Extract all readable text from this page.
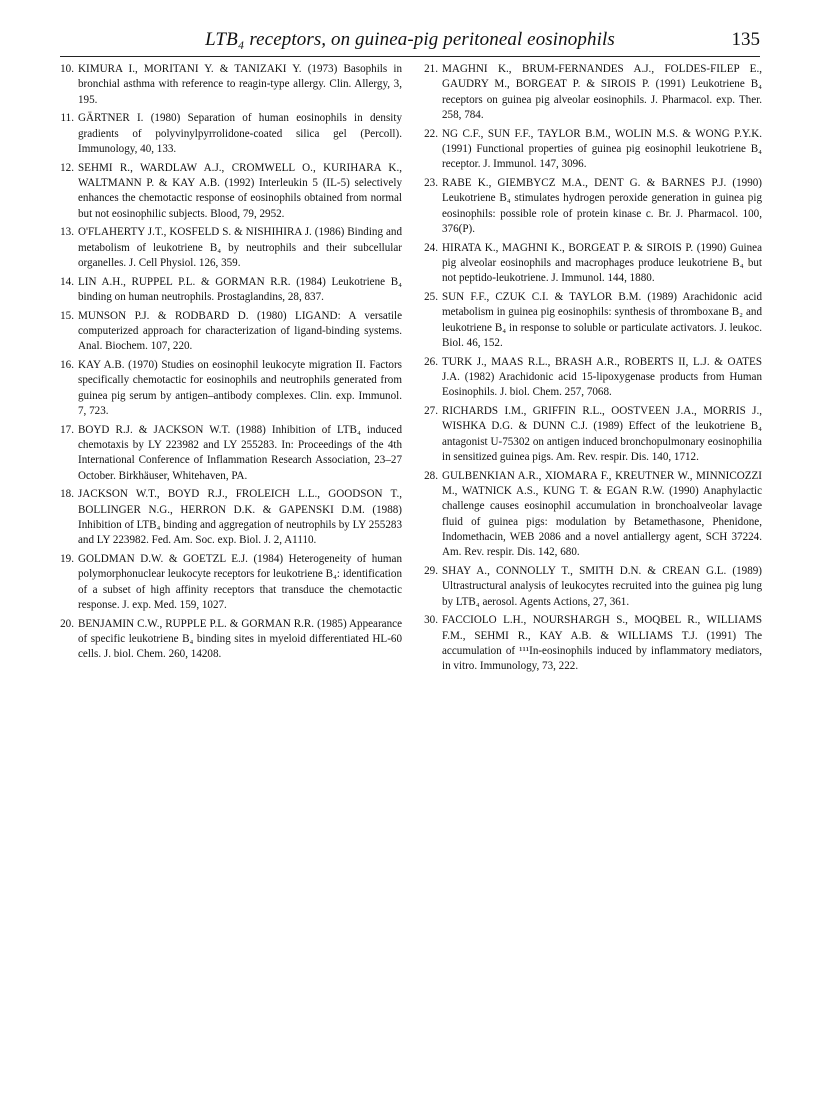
LTB₄ receptors, on guinea-pig peritoneal eosinophils	135
10. KIMURA I., MORITANI Y. & TANIZAKI Y. (1973) Basophils in bronchial asthma with reference to reagin-type allergy. Clin. Allergy, 3, 195.
11. GÄRTNER I. (1980) Separation of human eosinophils in density gradients of polyvinylpyrrolidone-coated silica gel (Percoll). Immunology, 40, 133.
12. SEHMI R., WARDLAW A.J., CROMWELL O., KURIHARA K., WALTMANN P. & KAY A.B. (1992) Interleukin 5 (IL-5) selectively enhances the chemotactic response of eosinophils obtained from normal but not eosinophilic subjects. Blood, 79, 2952.
13. O'FLAHERTY J.T., KOSFELD S. & NISHIHIRA J. (1986) Binding and metabolism of leukotriene B₄ by neutrophils and their subcellular organelles. J. Cell Physiol. 126, 359.
14. LIN A.H., RUPPEL P.L. & GORMAN R.R. (1984) Leukotriene B₄ binding on human neutrophils. Prostaglandins, 28, 837.
15. MUNSON P.J. & RODBARD D. (1980) LIGAND: A versatile computerized approach for characterization of ligand-binding systems. Anal. Biochem. 107, 220.
16. KAY A.B. (1970) Studies on eosinophil leukocyte migration II. Factors specifically chemotactic for eosinophils and neutrophils generated from guinea pig serum by antigen–antibody complexes. Clin. exp. Immunol. 7, 723.
17. BOYD R.J. & JACKSON W.T. (1988) Inhibition of LTB₄ induced chemotaxis by LY 223982 and LY 255283. In: Proceedings of the 4th International Conference of Inflammation Research Association, 23–27 October. Birkhäuser, Whitehaven, PA.
18. JACKSON W.T., BOYD R.J., FROLEICH L.L., GOODSON T., BOLLINGER N.G., HERRON D.K. & GAPENSKI D.M. (1988) Inhibition of LTB₄ binding and aggregation of neutrophils by LY 255283 and LY 223982. Fed. Am. Soc. exp. Biol. J. 2, A1110.
19. GOLDMAN D.W. & GOETZL E.J. (1984) Heterogeneity of human polymorphonuclear leukocyte receptors for leukotriene B₄: identification of a subset of high affinity receptors that transduce the chemotactic response. J. exp. Med. 159, 1027.
20. BENJAMIN C.W., RUPPLE P.L. & GORMAN R.R. (1985) Appearance of specific leukotriene B₄ binding sites in myeloid differentiated HL-60 cells. J. biol. Chem. 260, 14208.
21. MAGHNI K., BRUM-FERNANDES A.J., FOLDES-FILEP E., GAUDRY M., BORGEAT P. & SIROIS P. (1991) Leukotriene B₄ receptors on guinea pig alveolar eosinophils. J. Pharmacol. exp. Ther. 258, 784.
22. NG C.F., SUN F.F., TAYLOR B.M., WOLIN M.S. & WONG P.Y.K. (1991) Functional properties of guinea pig eosinophil leukotriene B₄ receptor. J. Immunol. 147, 3096.
23. RABE K., GIEMBYCZ M.A., DENT G. & BARNES P.J. (1990) Leukotriene B₄ stimulates hydrogen peroxide generation in guinea pig eosinophils: possible role of protein kinase c. Br. J. Pharmacol. 100, 376(P).
24. HIRATA K., MAGHNI K., BORGEAT P. & SIROIS P. (1990) Guinea pig alveolar eosinophils and macrophages produce leukotriene B₄ but not peptido-leukotriene. J. Immunol. 144, 1880.
25. SUN F.F., CZUK C.I. & TAYLOR B.M. (1989) Arachidonic acid metabolism in guinea pig eosinophils: synthesis of thromboxane B₂ and leukotriene B₄ in response to soluble or particulate activators. J. leukoc. Biol. 46, 152.
26. TURK J., MAAS R.L., BRASH A.R., ROBERTS II, L.J. & OATES J.A. (1982) Arachidonic acid 15-lipoxygenase products from Human Eosinophils. J. biol. Chem. 257, 7068.
27. RICHARDS I.M., GRIFFIN R.L., OOSTVEEN J.A., MORRIS J., WISHKA D.G. & DUNN C.J. (1989) Effect of the leukotriene B₄ antagonist U-75302 on antigen induced bronchopulmonary eosinophilia in sensitized guinea pigs. Am. Rev. respir. Dis. 140, 1712.
28. GULBENKIAN A.R., XIOMARA F., KREUTNER W., MINNICOZZI M., WATNICK A.S., KUNG T. & EGAN R.W. (1990) Anaphylactic challenge causes eosinophil accumulation in bronchoalveolar lavage fluid of guinea pigs: modulation by Betamethasone, Phenidone, Indomethacin, WEB 2086 and a novel antiallergy agent, SCH 37224. Am. Rev. respir. Dis. 142, 680.
29. SHAY A., CONNOLLY T., SMITH D.N. & CREAN G.L. (1989) Ultrastructural analysis of leukocytes recruited into the guinea pig lung by LTB₄ aerosol. Agents Actions, 27, 361.
30. FACCIOLO L.H., NOURSHARGH S., MOQBEL R., WILLIAMS F.M., SEHMI R., KAY A.B. & WILLIAMS T.J. (1991) The accumulation of ¹¹¹In-eosinophils induced by inflammatory mediators, in vitro. Immunology, 73, 222.
